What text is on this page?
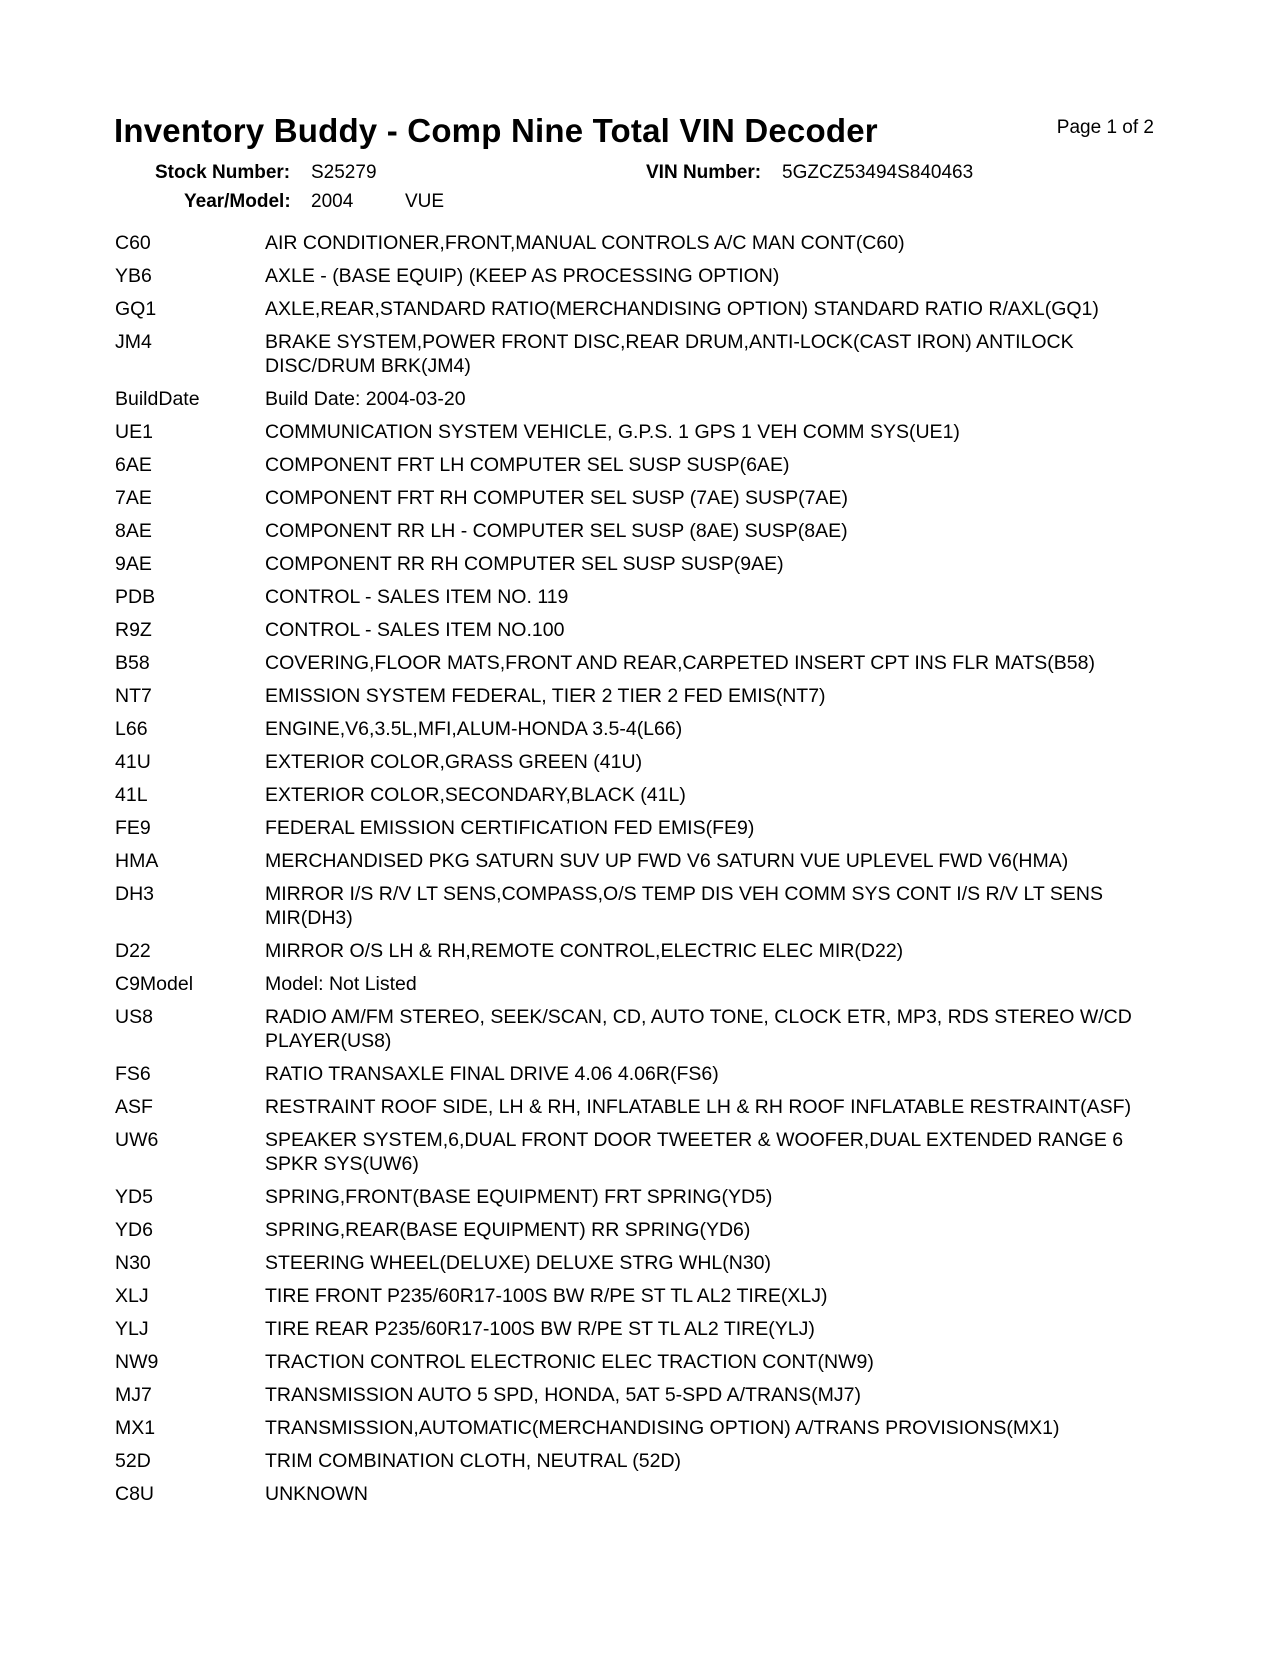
Inventory Buddy - Comp Nine Total VIN Decoder	Page 1 of 2
Stock Number: S25279	VIN Number: 5GZCZ53494S840463
Year/Model: 2004	VUE
C60	AIR CONDITIONER,FRONT,MANUAL CONTROLS A/C MAN CONT(C60)
YB6	AXLE - (BASE EQUIP) (KEEP AS PROCESSING OPTION)
GQ1	AXLE,REAR,STANDARD RATIO(MERCHANDISING OPTION) STANDARD RATIO R/AXL(GQ1)
JM4	BRAKE SYSTEM,POWER FRONT DISC,REAR DRUM,ANTI-LOCK(CAST IRON) ANTILOCK DISC/DRUM BRK(JM4)
BuildDate	Build Date: 2004-03-20
UE1	COMMUNICATION SYSTEM VEHICLE, G.P.S. 1 GPS 1 VEH COMM SYS(UE1)
6AE	COMPONENT FRT LH COMPUTER SEL SUSP SUSP(6AE)
7AE	COMPONENT FRT RH COMPUTER SEL SUSP (7AE) SUSP(7AE)
8AE	COMPONENT RR LH - COMPUTER SEL SUSP (8AE) SUSP(8AE)
9AE	COMPONENT RR RH COMPUTER SEL SUSP SUSP(9AE)
PDB	CONTROL - SALES ITEM NO. 119
R9Z	CONTROL - SALES ITEM NO.100
B58	COVERING,FLOOR MATS,FRONT AND REAR,CARPETED INSERT CPT INS FLR MATS(B58)
NT7	EMISSION SYSTEM FEDERAL, TIER 2 TIER 2 FED EMIS(NT7)
L66	ENGINE,V6,3.5L,MFI,ALUM-HONDA 3.5-4(L66)
41U	EXTERIOR COLOR,GRASS GREEN (41U)
41L	EXTERIOR COLOR,SECONDARY,BLACK (41L)
FE9	FEDERAL EMISSION CERTIFICATION FED EMIS(FE9)
HMA	MERCHANDISED PKG SATURN SUV UP FWD V6 SATURN VUE UPLEVEL FWD V6(HMA)
DH3	MIRROR I/S R/V LT SENS,COMPASS,O/S TEMP DIS VEH COMM SYS CONT I/S R/V LT SENS MIR(DH3)
D22	MIRROR O/S LH & RH,REMOTE CONTROL,ELECTRIC ELEC MIR(D22)
C9Model	Model: Not Listed
US8	RADIO AM/FM STEREO, SEEK/SCAN, CD, AUTO TONE, CLOCK ETR, MP3, RDS STEREO W/CD PLAYER(US8)
FS6	RATIO TRANSAXLE FINAL DRIVE 4.06 4.06R(FS6)
ASF	RESTRAINT ROOF SIDE, LH & RH, INFLATABLE LH & RH ROOF INFLATABLE RESTRAINT(ASF)
UW6	SPEAKER SYSTEM,6,DUAL FRONT DOOR TWEETER & WOOFER,DUAL EXTENDED RANGE 6 SPKR SYS(UW6)
YD5	SPRING,FRONT(BASE EQUIPMENT) FRT SPRING(YD5)
YD6	SPRING,REAR(BASE EQUIPMENT) RR SPRING(YD6)
N30	STEERING WHEEL(DELUXE) DELUXE STRG WHL(N30)
XLJ	TIRE FRONT P235/60R17-100S BW R/PE ST TL AL2 TIRE(XLJ)
YLJ	TIRE REAR P235/60R17-100S BW R/PE ST TL AL2 TIRE(YLJ)
NW9	TRACTION CONTROL ELECTRONIC ELEC TRACTION CONT(NW9)
MJ7	TRANSMISSION AUTO 5 SPD, HONDA, 5AT 5-SPD A/TRANS(MJ7)
MX1	TRANSMISSION,AUTOMATIC(MERCHANDISING OPTION) A/TRANS PROVISIONS(MX1)
52D	TRIM COMBINATION CLOTH, NEUTRAL (52D)
C8U	UNKNOWN
